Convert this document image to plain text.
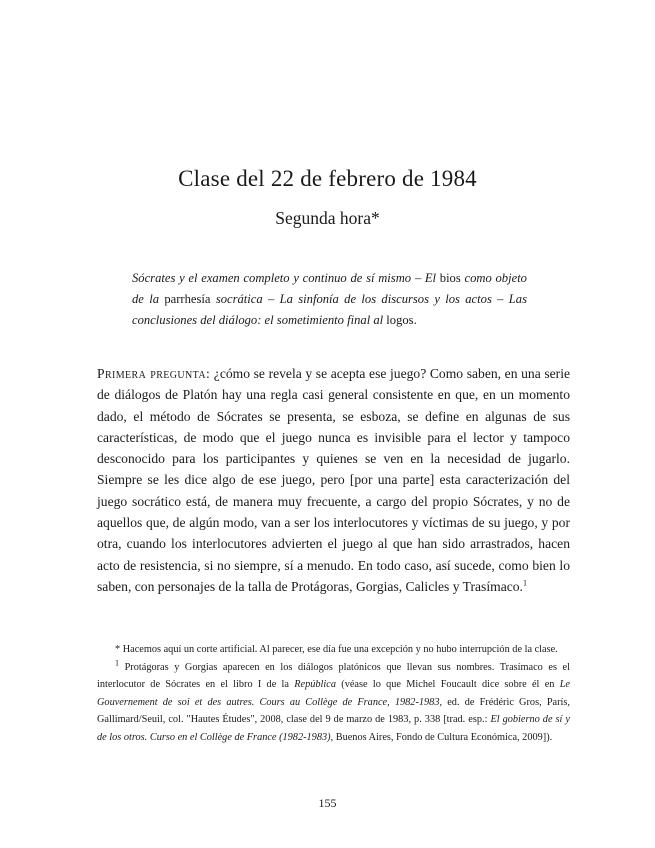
Clase del 22 de febrero de 1984
Segunda hora*
Sócrates y el examen completo y continuo de sí mismo – El bios como objeto de la parrhesía socrática – La sinfonía de los discursos y los actos – Las conclusiones del diálogo: el sometimiento final al logos.
Primera pregunta: ¿cómo se revela y se acepta ese juego? Como saben, en una serie de diálogos de Platón hay una regla casi general consistente en que, en un momento dado, el método de Sócrates se presenta, se esboza, se define en algunas de sus características, de modo que el juego nunca es invisible para el lector y tampoco desconocido para los participantes y quienes se ven en la necesidad de jugarlo. Siempre se les dice algo de ese juego, pero [por una parte] esta caracterización del juego socrático está, de manera muy frecuente, a cargo del propio Sócrates, y no de aquellos que, de algún modo, van a ser los interlocutores y víctimas de su juego, y por otra, cuando los interlocutores advierten el juego al que han sido arrastrados, hacen acto de resistencia, si no siempre, sí a menudo. En todo caso, así sucede, como bien lo saben, con personajes de la talla de Protágoras, Gorgias, Calicles y Trasímaco.$^1$

* Hacemos aquí un corte artificial. Al parecer, ese día fue una excepción y no hubo interrupción de la clase.

$^1$ Protágoras y Gorgias aparecen en los diálogos platónicos que llevan sus nombres. Trasímaco es el interlocutor de Sócrates en el libro I de la República (véase lo que Michel Foucault dice sobre él en Le Gouvernement de soi et des autres. Cours au Collège de France, 1982-1983, ed. de Frédéric Gros, París, Gallimard/Seuil, col. "Hautes Études", 2008, clase del 9 de marzo de 1983, p. 338 [trad. esp.: El gobierno de sí y de los otros. Curso en el Collège de France (1982-1983), Buenos Aires, Fondo de Cultura Económica, 2009]).

155
